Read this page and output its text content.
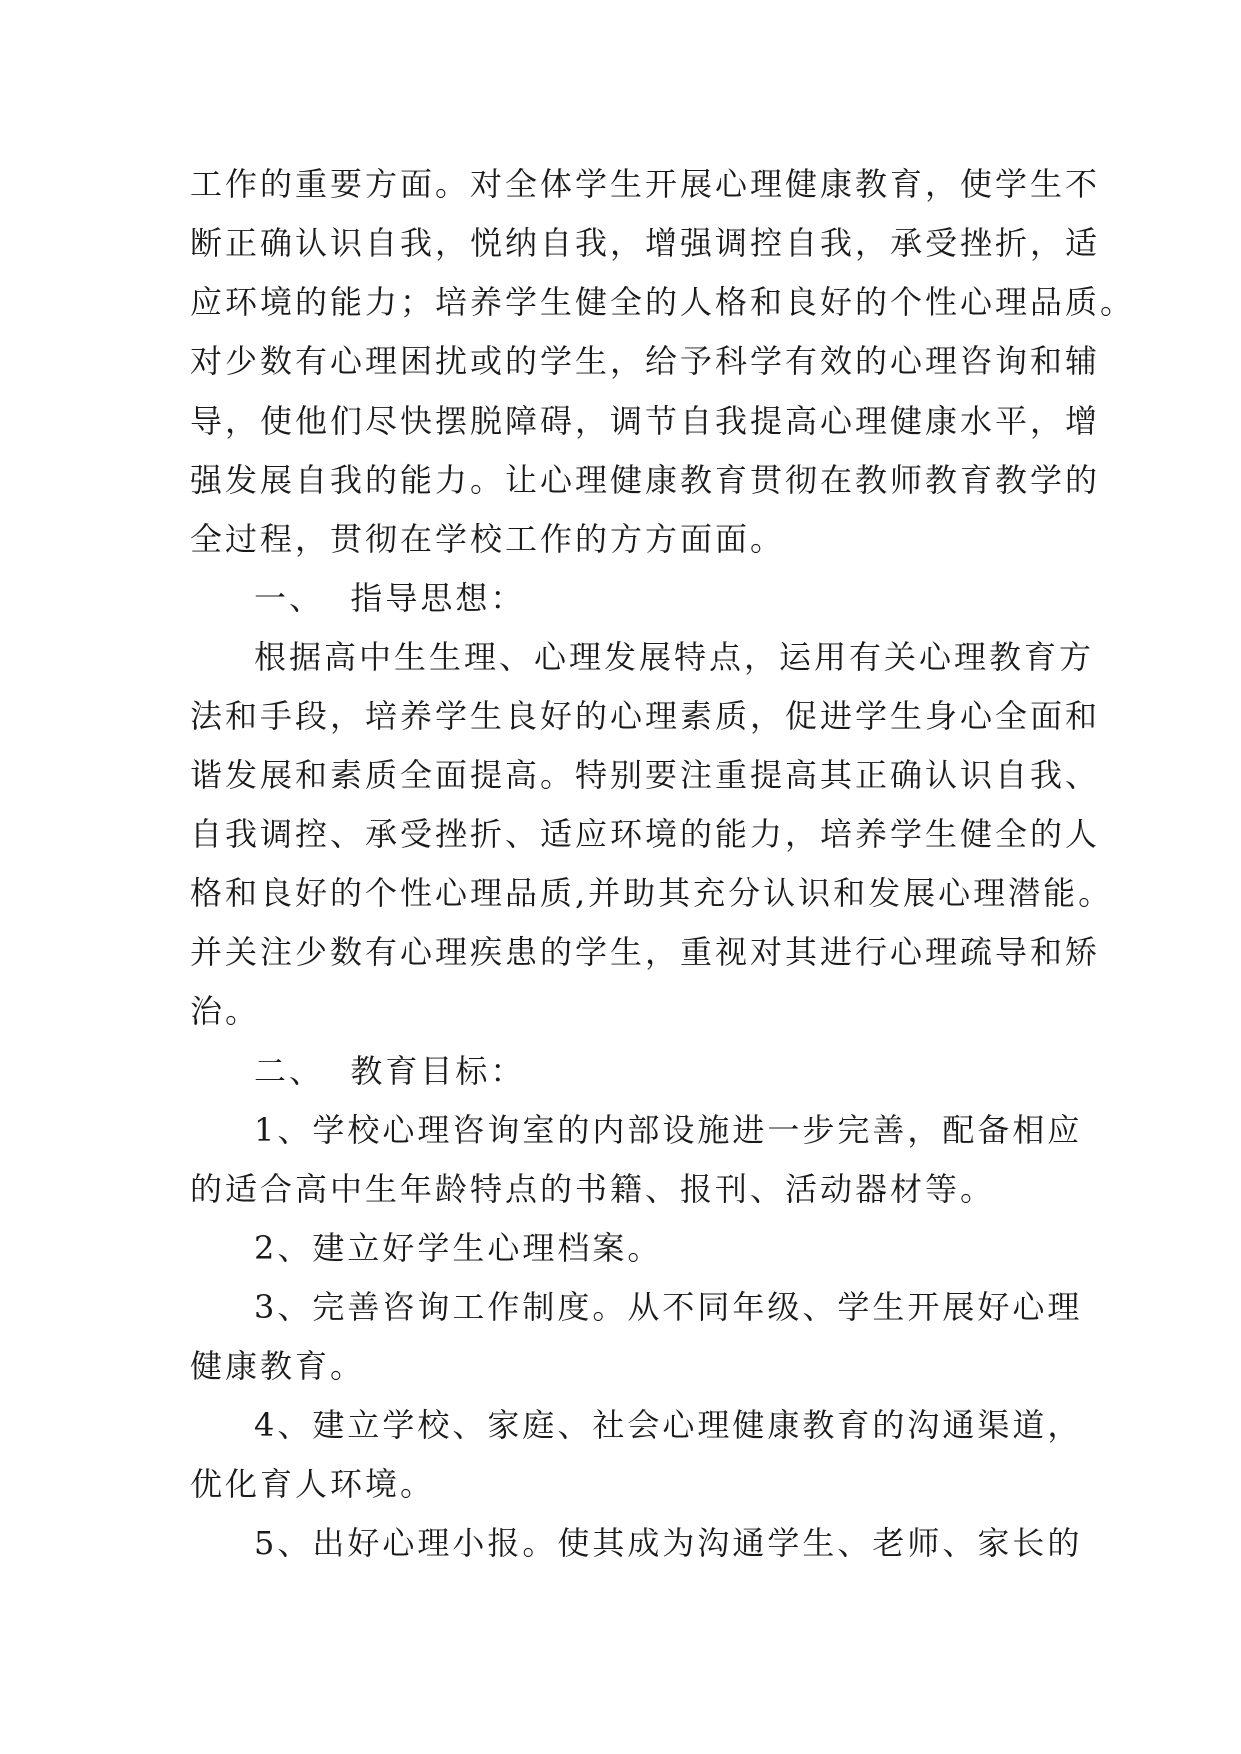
工作的重要方面。对全体学生开展心理健康教育，使学生不
断正确认识自我，悦纳自我，增强调控自我，承受挫折，适
应环境的能力；培养学生健全的人格和良好的个性心理品质。
对少数有心理困扰或的学生，给予科学有效的心理咨询和辅
导，使他们尽快摆脱障碍，调节自我提高心理健康水平，增
强发展自我的能力。让心理健康教育贯彻在教师教育教学的
全过程，贯彻在学校工作的方方面面。
一、  指导思想：
根据高中生生理、心理发展特点，运用有关心理教育方
法和手段，培养学生良好的心理素质，促进学生身心全面和
谐发展和素质全面提高。特别要注重提高其正确认识自我、
自我调控、承受挫折、适应环境的能力，培养学生健全的人
格和良好的个性心理品质,并助其充分认识和发展心理潜能。
并关注少数有心理疾患的学生，重视对其进行心理疏导和矫
治。
二、  教育目标：
1、学校心理咨询室的内部设施进一步完善，配备相应
的适合高中生年龄特点的书籍、报刊、活动器材等。
2、建立好学生心理档案。
3、完善咨询工作制度。从不同年级、学生开展好心理
健康教育。
4、建立学校、家庭、社会心理健康教育的沟通渠道，
优化育人环境。
5、出好心理小报。使其成为沟通学生、老师、家长的
